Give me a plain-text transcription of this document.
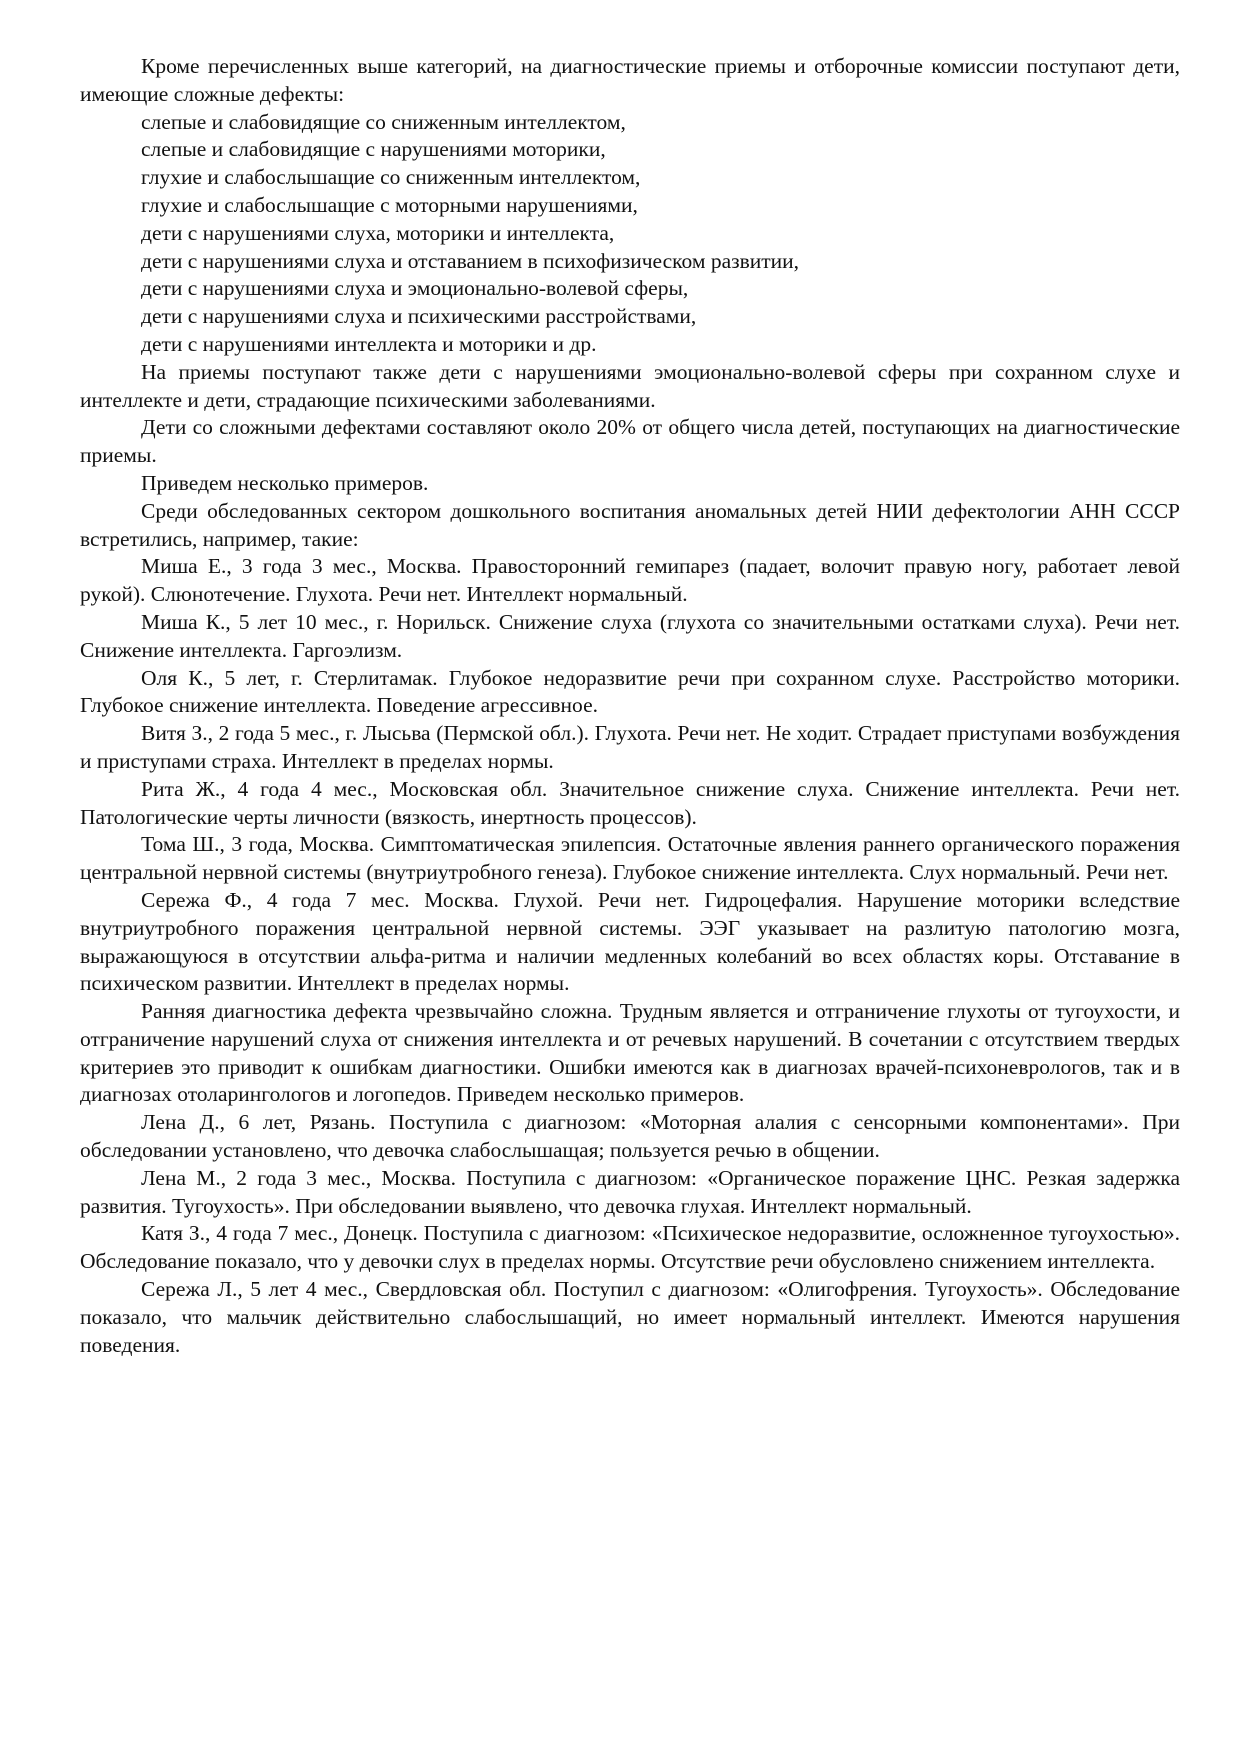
Кроме перечисленных выше категорий, на диагностические приемы и отборочные комиссии поступают дети, имеющие сложные дефекты:

слепые и слабовидящие со сниженным интеллектом,

слепые и слабовидящие с нарушениями моторики,

глухие и слабослышащие со сниженным интеллектом,

глухие и слабослышащие с моторными нарушениями,

дети с нарушениями слуха, моторики и интеллекта,

дети с нарушениями слуха и отставанием в психофизическом развитии,

дети с нарушениями слуха и эмоционально-волевой сферы,

дети с нарушениями слуха и психическими расстройствами,

дети с нарушениями интеллекта и моторики и др.

На приемы поступают также дети с нарушениями эмоционально-волевой сферы при сохранном слухе и интеллекте и дети, страдающие психическими заболеваниями.

Дети со сложными дефектами составляют около 20% от общего числа детей, поступающих на диагностические приемы.

Приведем несколько примеров.

Среди обследованных сектором дошкольного воспитания аномальных детей НИИ дефектологии АНН СССР встретились, например, такие:

Миша Е., 3 года 3 мес., Москва. Правосторонний гемипарез (падает, волочит правую ногу, работает левой рукой). Слюнотечение. Глухота. Речи нет. Интеллект нормальный.

Миша К., 5 лет 10 мес., г. Норильск. Снижение слуха (глухота со значительными остатками слуха). Речи нет. Снижение интеллекта. Гаргоэлизм.

Оля К., 5 лет, г. Стерлитамак. Глубокое недоразвитие речи при сохранном слухе. Расстройство моторики. Глубокое снижение интеллекта. Поведение агрессивное.

Витя З., 2 года 5 мес., г. Лысьва (Пермской обл.). Глухота. Речи нет. Не ходит. Страдает приступами возбуждения и приступами страха. Интеллект в пределах нормы.

Рита Ж., 4 года 4 мес., Московская обл. Значительное снижение слуха. Снижение интеллекта. Речи нет. Патологические черты личности (вязкость, инертность процессов).

Тома Ш., 3 года, Москва. Симптоматическая эпилепсия. Остаточные явления раннего органического поражения центральной нервной системы (внутриутробного генеза). Глубокое снижение интеллекта. Слух нормальный. Речи нет.

Сережа Ф., 4 года 7 мес. Москва. Глухой. Речи нет. Гидроцефалия. Нарушение моторики вследствие внутриутробного поражения центральной нервной системы. ЭЭГ указывает на разлитую патологию мозга, выражающуюся в отсутствии альфа-ритма и наличии медленных колебаний во всех областях коры. Отставание в психическом развитии. Интеллект в пределах нормы.

Ранняя диагностика дефекта чрезвычайно сложна. Трудным является и отграничение глухоты от тугоухости, и отграничение нарушений слуха от снижения интеллекта и от речевых нарушений. В сочетании с отсутствием твердых критериев это приводит к ошибкам диагностики. Ошибки имеются как в диагнозах врачей-психоневрологов, так и в диагнозах отоларингологов и логопедов. Приведем несколько примеров.

Лена Д., 6 лет, Рязань. Поступила с диагнозом: «Моторная алалия с сенсорными компонентами». При обследовании установлено, что девочка слабослышащая; пользуется речью в общении.

Лена М., 2 года 3 мес., Москва. Поступила с диагнозом: «Органическое поражение ЦНС. Резкая задержка развития. Тугоухость». При обследовании выявлено, что девочка глухая. Интеллект нормальный.

Катя З., 4 года 7 мес., Донецк. Поступила с диагнозом: «Психическое недоразвитие, осложненное тугоухостью». Обследование показало, что у девочки слух в пределах нормы. Отсутствие речи обусловлено снижением интеллекта.

Сережа Л., 5 лет 4 мес., Свердловская обл. Поступил с диагнозом: «Олигофрения. Тугоухость». Обследование показало, что мальчик действительно слабослышащий, но имеет нормальный интеллект. Имеются нарушения поведения.
